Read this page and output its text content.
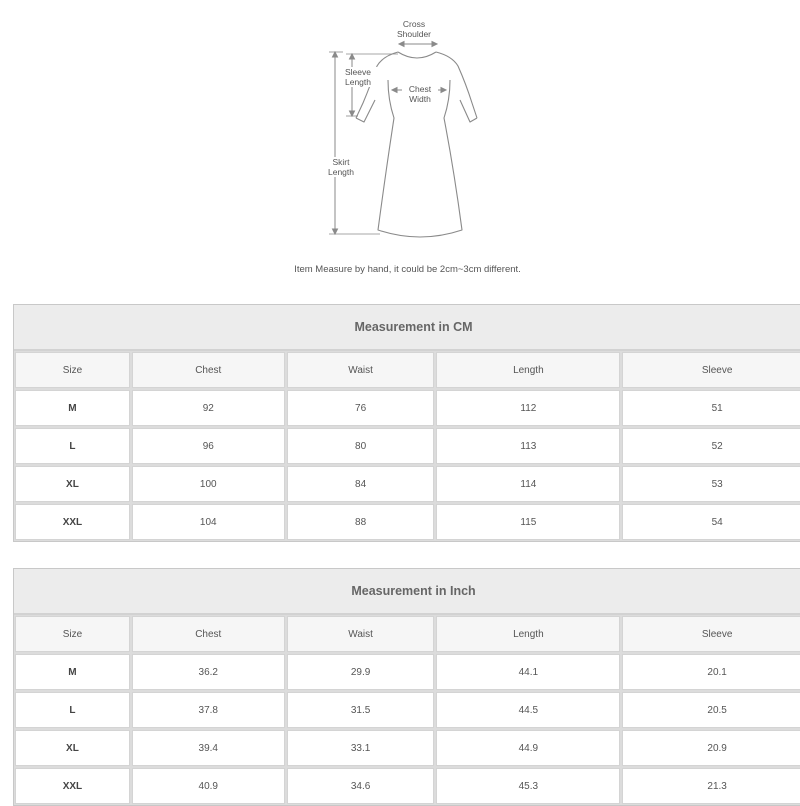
Cross
Shoulder
Sleeve
Length
Chest
Width
Skirt
Length
Item Measure by hand, it could be 2cm~3cm different.
Measurement in CM
Size	Chest	Waist	Length	Sleeve
M	92	76	112	51
L	96	80	113	52
XL	100	84	114	53
XXL	104	88	115	54
Measurement in Inch
Size	Chest	Waist	Length	Sleeve
M	36.2	29.9	44.1	20.1
L	37.8	31.5	44.5	20.5
XL	39.4	33.1	44.9	20.9
XXL	40.9	34.6	45.3	21.3
